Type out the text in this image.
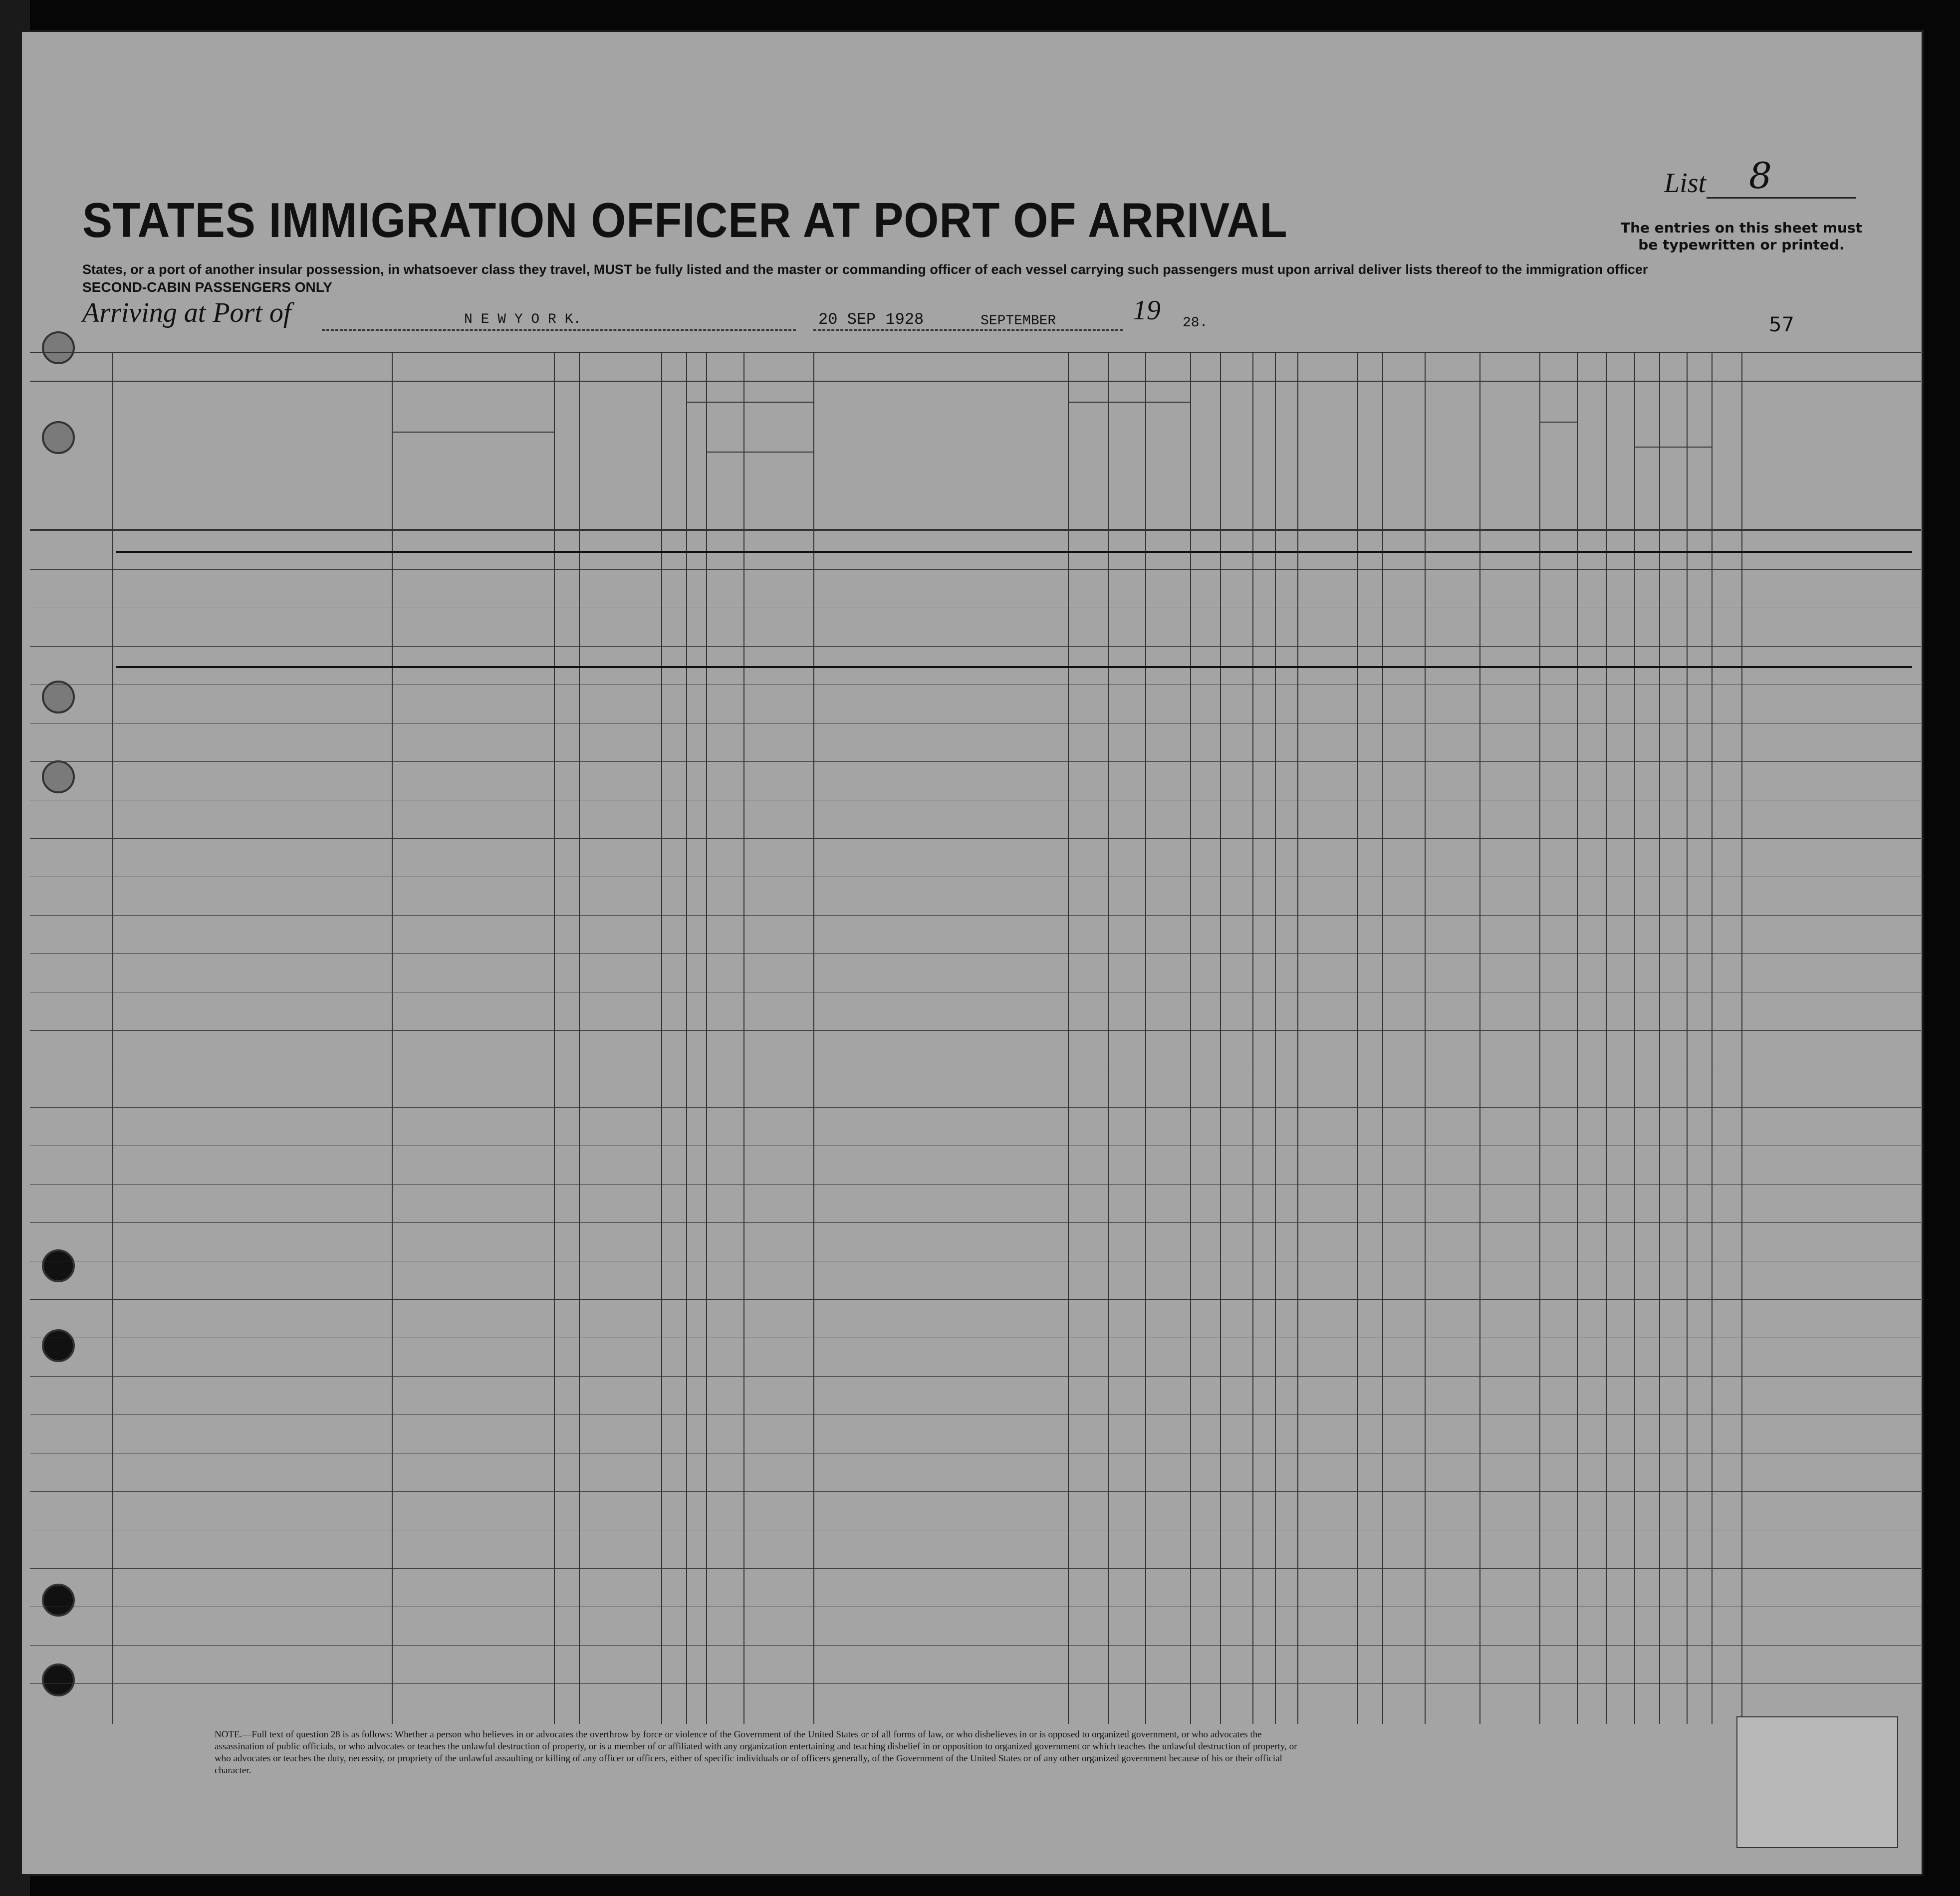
STATES IMMIGRATION OFFICER AT PORT OF ARRIVAL
States, or a port of another insular possession, in whatsoever class they travel, MUST be fully listed and the master or commanding officer of each vessel carrying such passengers must upon arrival deliver lists thereof to the immigration officer
SECOND-CABIN PASSENGERS ONLY
List 8
The entries on this sheet must be typewritten or printed.
Arriving at Port of	N E W Y O R K.	20 SEP 1928	SEPTEMBER	19 28.	57
NOTE.—Full text of question 28 is as follows: Whether a person who believes in or advocates the overthrow by force or violence of the Government of the United States or of all forms of law, or who disbelieves in or is opposed to organized government, or who advocates the assassination of public officials, or who advocates or teaches the unlawful destruction of property, or is a member of or affiliated with any organization entertaining and teaching disbelief in or opposition to organized government or which teaches the unlawful destruction of property, or who advocates or teaches the duty, necessity, or propriety of the unlawful assaulting or killing of any officer or officers, either of specific individuals or of officers generally, of the Government of the United States or of any other organized government because of his or their official character.
